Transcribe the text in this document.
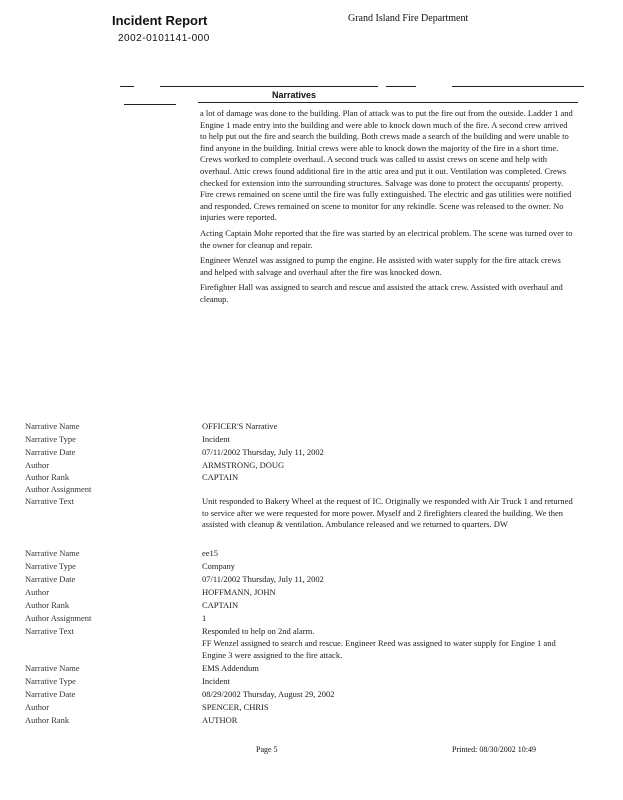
Incident Report
2002-0101141-000
Grand Island Fire Department
Narratives

a lot of damage was done to the building. Plan of attack was to put the fire out from the outside. Ladder 1 and Engine 1 made entry into the building and were able to knock down much of the fire. A second crew arrived to help put out the fire and search the building. Both crews made a search of the building and were unable to find anyone in the building. Initial crews were able to knock down the majority of the fire in a short time. Crews worked to complete overhaul. A second truck was called to assist crews on scene and help with overhaul. Attic crews found additional fire in the attic area and put it out. Ventilation was completed. Crews checked for extension into the surrounding structures. Salvage was done to protect the occupants' property. Fire crews remained on scene until the fire was fully extinguished. The electric and gas utilities were notified and responded. Crews remained on scene to monitor for any rekindle. Scene was released to the owner. No injuries were reported.

Acting Captain Mohr reported that the fire was started by an electrical problem. The scene was turned over to the owner for cleanup and repair.

Engineer Wenzel was assigned to pump the engine. He assisted with water supply for the fire attack crews and helped with salvage and overhaul after the fire was knocked down.

Firefighter Hall was assigned to search and rescue and assisted the attack crew. Assisted with overhaul and cleanup.

Narrative Name	OFFICER'S Narrative
Narrative Type	Incident
Narrative Date	07/11/2002 Thursday, July 11, 2002
Author	ARMSTRONG, DOUG
Author Rank	CAPTAIN
Author Assignment
Narrative Text	Unit responded to Bakery Wheel at the request of IC. Originally we responded with Air Truck 1 and returned to service after we were requested for more power. Myself and 2 firefighters cleared the building. We then assisted with cleanup & ventilation. Ambulance released and we returned to quarters. DW
Narrative Name	ee15
Narrative Type	Company
Narrative Date	07/11/2002 Thursday, July 11, 2002
Author	HOFFMANN, JOHN
Author Rank	CAPTAIN
Author Assignment	1
Narrative Text	Responded to help on 2nd alarm.
FF Wenzel assigned to search and rescue. Engineer Reed was assigned to water supply for Engine 1 and Engine 3 were assigned to the fire attack.
Narrative Name	EMS Addendum
Narrative Type	Incident
Narrative Date	08/29/2002 Thursday, August 29, 2002
Author	SPENCER, CHRIS
Author Rank	AUTHOR
Page 5	Printed: 08/30/2002 10:49
